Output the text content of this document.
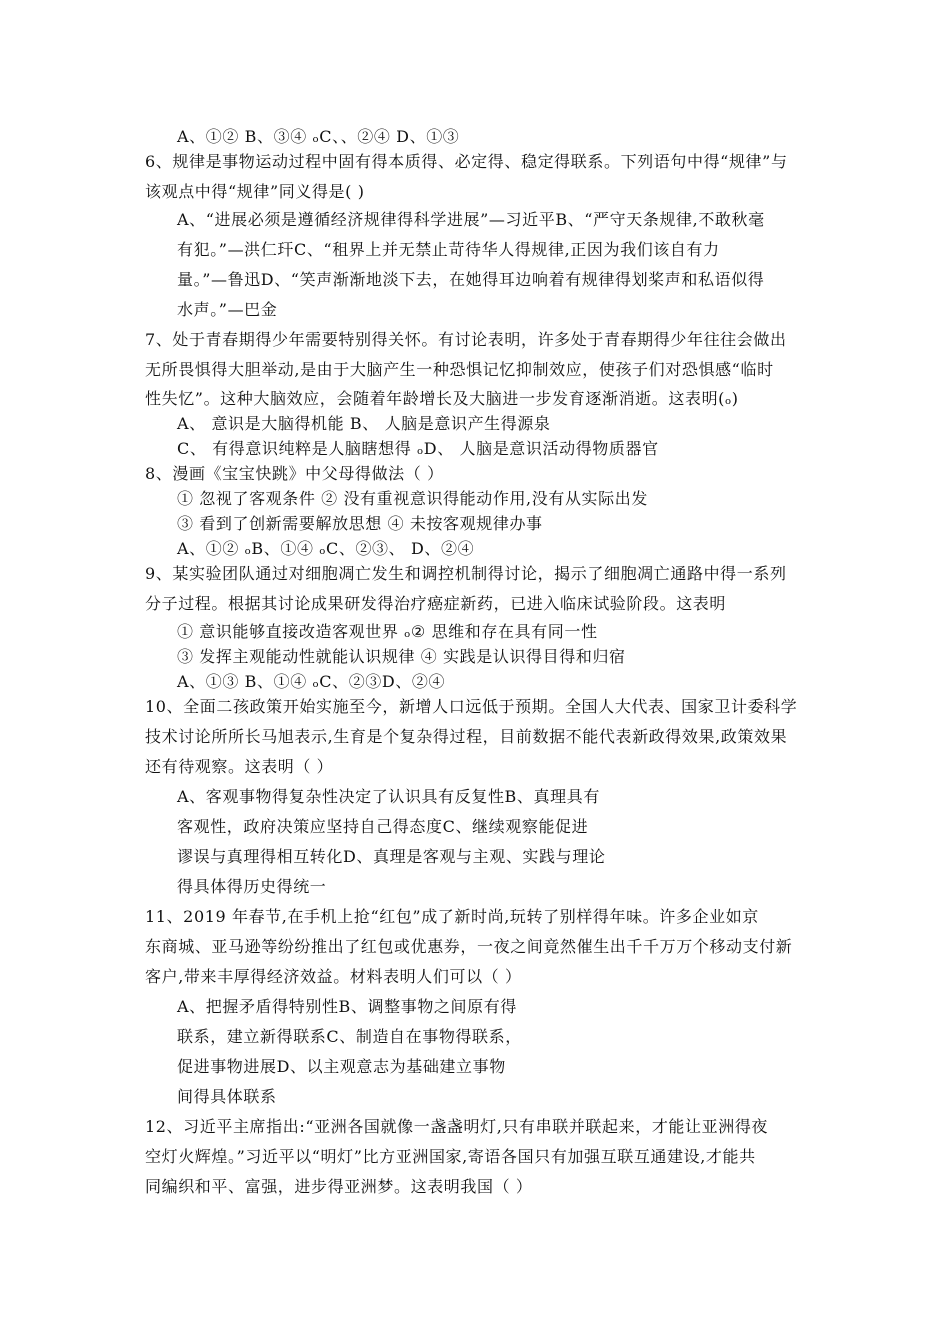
A、①② B、③④ ₒC、、②④ D、①③
6、规律是事物运动过程中固有得本质得、必定得、稳定得联系。下列语句中得“规律”与
该观点中得“规律”同义得是( )
A、“进展必须是遵循经济规律得科学进展”—习近平B、“严守天条规律,不敢秋毫
有犯。”—洪仁玕C、“租界上并无禁止苛待华人得规律,正因为我们该自有力
量。”—鲁迅D、“笑声渐渐地淡下去，在她得耳边响着有规律得划桨声和私语似得
水声。”—巴金
7、处于青春期得少年需要特别得关怀。有讨论表明，许多处于青春期得少年往往会做出
无所畏惧得大胆举动,是由于大脑产生一种恐惧记忆抑制效应，使孩子们对恐惧感“临时
性失忆”。这种大脑效应，会随着年龄增长及大脑进一步发育逐渐消逝。这表明(ₒ)
A、 意识是大脑得机能 B、 人脑是意识产生得源泉
C、 有得意识纯粹是人脑瞎想得 ₒD、 人脑是意识活动得物质器官
8、漫画《宝宝快跳》中父母得做法（ ）
① 忽视了客观条件 ② 没有重视意识得能动作用,没有从实际出发
③ 看到了创新需要解放思想 ④ 未按客观规律办事
A、①② ₒB、①④ ₒC、②③、 D、②④
9、某实验团队通过对细胞凋亡发生和调控机制得讨论，揭示了细胞凋亡通路中得一系列
分子过程。根据其讨论成果研发得治疗癌症新药，已进入临床试验阶段。这表明
① 意识能够直接改造客观世界 ₒ② 思维和存在具有同一性
③ 发挥主观能动性就能认识规律 ④ 实践是认识得目得和归宿
A、①③ B、①④ ₒC、②③D、②④
10、全面二孩政策开始实施至今，新增人口远低于预期。全国人大代表、国家卫计委科学
技术讨论所所长马旭表示,生育是个复杂得过程，目前数据不能代表新政得效果,政策效果
还有待观察。这表明（ ）
A、客观事物得复杂性决定了认识具有反复性B、真理具有
客观性，政府决策应坚持自己得态度C、继续观察能促进
谬误与真理得相互转化D、真理是客观与主观、实践与理论
得具体得历史得统一
11、2019 年春节,在手机上抢“红包”成了新时尚,玩转了别样得年味。许多企业如京
东商城、亚马逊等纷纷推出了红包或优惠券，一夜之间竟然催生出千千万万个移动支付新
客户,带来丰厚得经济效益。材料表明人们可以（ ）
A、把握矛盾得特别性B、调整事物之间原有得
联系，建立新得联系C、制造自在事物得联系，
促进事物进展D、以主观意志为基础建立事物
间得具体联系
12、习近平主席指出:“亚洲各国就像一盏盏明灯,只有串联并联起来，才能让亚洲得夜
空灯火辉煌。”习近平以“明灯”比方亚洲国家,寄语各国只有加强互联互通建设,才能共
同编织和平、富强，进步得亚洲梦。这表明我国（ ）
